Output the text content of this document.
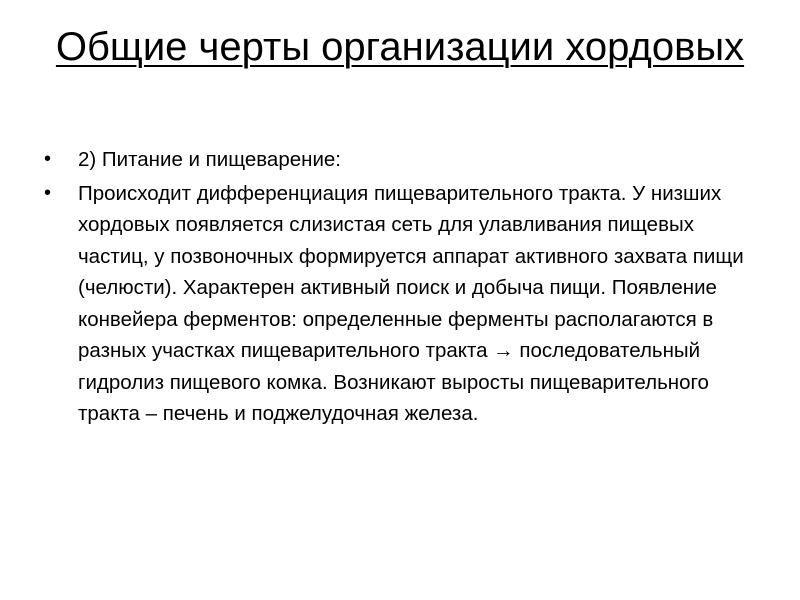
Общие черты организации хордовых
• 2) Питание и пищеварение:
• Происходит дифференциация пищеварительного тракта. У низших хордовых появляется слизистая сеть для улавливания пищевых частиц, у позвоночных формируется аппарат активного захвата пищи (челюсти). Характерен активный поиск и добыча пищи. Появление конвейера ферментов: определенные ферменты располагаются в разных участках пищеварительного тракта → последовательный гидролиз пищевого комка. Возникают выросты пищеварительного тракта – печень и поджелудочная железа.
